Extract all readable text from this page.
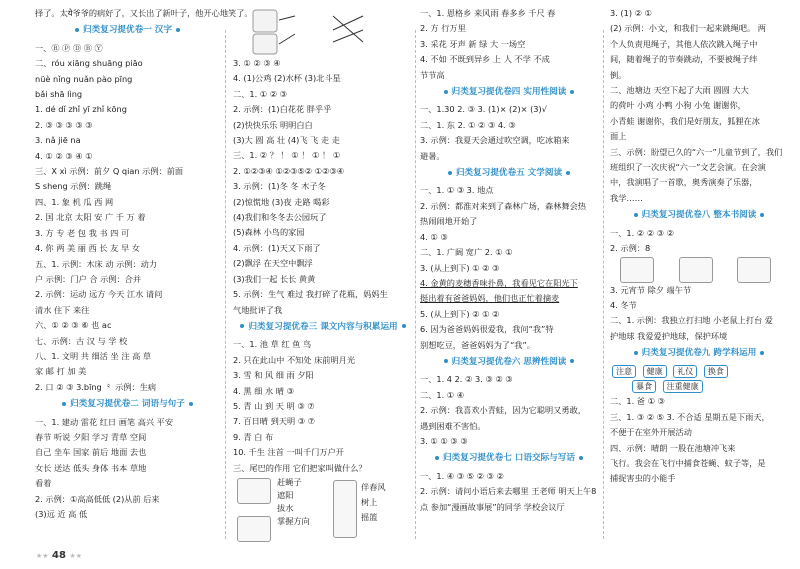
择了。太ये爷爷的病好了，又长出了新叶子，他开心地笑了。
归类复习提优卷一 汉字
一、Ⓡ Ⓟ Ⓓ Ⓑ Ⓨ
二、róu xiāng shuāng piāo
nüè nǐng nuǎn pào pīng
bǎi shā lìng
1. dé dǐ zhǐ yī zhǐ kōng
2. ③ ③ ③ ③ ③
3. nǎ jiē na
4. ① ② ③ ④ ①
三、X xì 示例：前夕 Q qian 示例：前面
S sheng 示例：跳绳
四、1. 象 机 瓜 西 网
2. 国 北京 太阳 安 广 千 万 着
3. 方 专 老 包 我 书 四 可
4. 你 两 美 丽 西 长 友 早 女
五、1. 示例：木床 动 示例：动力
户 示例：门户 合 示例：合并
2. 示例：运动 远方 今天 江水 请问
清水 住下 来往
六、① ② ③ ⑥ 也 ac
七、示例：古 汉 与 学 校
八、1. 文明 共 细活 坐 注 高 草
家 邮 打 加 美
2. 口 ② ③ 3.bīng ⺀ 示例：生病
归类复习提优卷二 词语与句子
一、1. 建动 雷花 红日 画笔 高兴 平安
春节 听说 夕阳 学习 青草 空间
自己 坐车 国家 前后 地面 去也
女长 送达 低头 身体 书本 草地
看着
2. 示例：①高高低低 (2)从前 后来
(3)远 近 高 低
★★ 48 ★★
3. ① ② ③ ④
4. (1)公鸡 (2)水杯 (3)北斗星
二、1. ① ② ③
2. 示例：(1)白花花 胖乎乎
(2)快快乐乐 明明白白
(3)大 圆 高 壮 (4)飞 飞 走 走
三、1. ② ？ ！ ① ！ ① ！ ①
2. ①②③④ ①②③⑤② ①②③④
3. 示例：(1)冬 冬 木子冬
(2)惊慌地 (3)夜 走路 喝彩
(4)我们和冬冬去公园玩了
(5)森林 小鸟的家园
4. 示例：(1)天又下雨了
(2)飘浮 在天空中飘浮
(3)我们一起 长长 黄黄
5. 示例：生气 难过 我打碎了花瓶，妈妈生
气地批评了我
归类复习提优卷三 课文内容与积累运用
一、1. 池 草 红 鱼 鸟
2. 只在此山中 不知处 床前明月光
3. 雪 和 风 细 雨 夕阳
4. 黑 细 水 晴 ③
5. 青 山 到 天 明 ③ ⑦
7. 百日晴 到天明 ③ ⑦
9. 青 白 布
10. 千生 注首 一叫千门万户开
三、尾巴的作用 它们把家叫做什么？
赶蝇子
遮阳
拔水
掌握方向
伴春风
树上
摇篮
一、1. 恩格乡 来风雨 春多乡 千尺 春
2. 方 行万里
3. 采花 牙声 新 绿 大 一场空
4. 不如 不既到异乡 上 人 不学 不成
节节高
归类复习提优卷四 实用性阅读
一、1.30 2. ③ 3. (1)× (2)× (3)√
二、1. 东 2. ① ② ③ 4. ③
3. 示例：我夏天会通过吹空调，吃冰箱来
避暑。
归类复习提优卷五 文学阅读
一、1. ① ③ 3. 地点
2. 示例：都淮对来到了森林广场，森林舞会热
热闹闹地开始了
4. ① ③
二、1. 广阔 宽广 2. ① ①
3. (从上到下) ① ② ③
4. 金黄的麦穗香味扑鼻，我看见它在阳光下
挺出着有爸爸妈妈，他们也正忙着摘麦
5. (从上到下) ② ① ②
6. 因为爸爸妈妈很爱我，我问“我”特
别想吃豆，爸爸妈妈为了“我”。
归类复习提优卷六 思辨性阅读
一、1. 4 2. ② 3. ③ ② ③
二、1. ① ④
2. 示例：我喜欢小青蛙，因为它聪明又勇敢，
遇到困难不害怕。
3. ① ① ③ ③
归类复习提优卷七 口语交际与写话
一、1. ④ ③ ⑤ ② ③ ②
2. 示例：请问小语后来去哪里 王老师 明天上午8
点 参加“漫画故事展”的同学 学校会议厅
3. (1) ② ①
(2) 示例：小文，和我们一起来跳绳吧。 两
个人负责甩绳子，其他人依次跳入绳子中
间，随着绳子的节奏跳动，不要被绳子绊
倒。
二、池塘边 天空下起了大雨 圆圆 大大
的荷叶 小鸡 小鸭 小狗 小兔 谢谢你，
小青蛙 谢谢你，我们是好朋友，狐狸在冰
面上
三、示例：盼望已久的“六一”儿童节到了，我们
班组织了一次庆祝“六一”文艺会演。在会演
中，我演唱了一首歌，奥秀演奏了乐器，
我学……
归类复习提优卷八 整本书阅读
一、1. ② ② ③ ②
2. 示例：8

3. 元宵节 除夕 端午节
4. 冬节
二、1. 示例：我独立打扫地 小老鼠上打台 爱
护地球 我爱爱护地球，保护环境
归类复习提优卷九 跨学科运用
注意 健康 礼仪 换食
暴食 注重健康
二、1. 爸 ① ③
三、1. ③ ② ⑤ 3. 不合适 星期五是下雨天，
不便于在室外开展活动
四、示例：晴朗 一股在池塘冲飞来
飞行。我会在飞行中捕食苍蝇、蚊子等，是
捕捉害虫的小能手
